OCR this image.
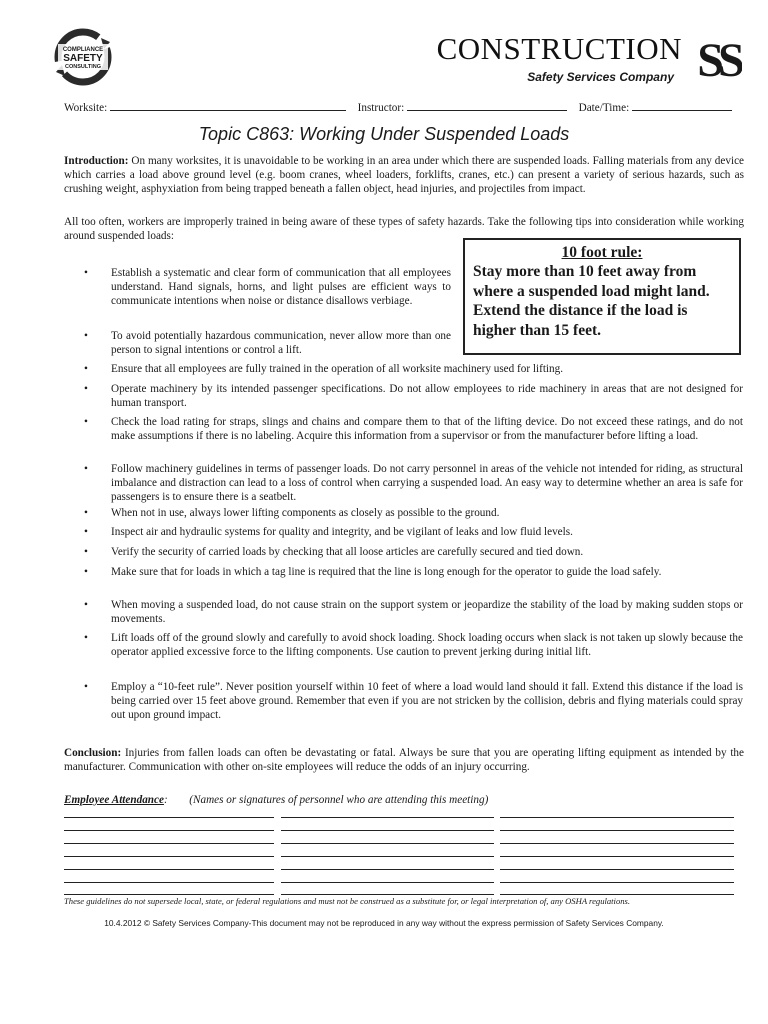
COMPLIANCE
SAFETY
CONSULTING
CONSTRUCTION
Safety Services Company SS
Worksite:	Instructor:	Date/Time:
Topic C863: Working Under Suspended Loads
Introduction: On many worksites, it is unavoidable to be working in an area under which there are suspended loads. Falling materials from any device which carries a load above ground level (e.g. boom cranes, wheel loaders, forklifts, cranes, etc.) can present a variety of serious hazards, such as crushing weight, asphyxiation from being trapped beneath a fallen object, head injuries, and projectiles from impact.
All too often, workers are improperly trained in being aware of these types of safety hazards. Take the following tips into consideration while working around suspended loads:
10 foot rule:
Stay more than 10 feet away from where a suspended load might land. Extend the distance if the load is higher than 15 feet.
• Establish a systematic and clear form of communication that all employees understand. Hand signals, horns, and light pulses are efficient ways to communicate intentions when noise or distance disallows verbiage.
• To avoid potentially hazardous communication, never allow more than one person to signal intentions or control a lift.
• Ensure that all employees are fully trained in the operation of all worksite machinery used for lifting.
• Operate machinery by its intended passenger specifications. Do not allow employees to ride machinery in areas that are not designed for human transport.
• Check the load rating for straps, slings and chains and compare them to that of the lifting device. Do not exceed these ratings, and do not make assumptions if there is no labeling. Acquire this information from a supervisor or from the manufacturer before lifting a load.
• Follow machinery guidelines in terms of passenger loads. Do not carry personnel in areas of the vehicle not intended for riding, as structural imbalance and distraction can lead to a loss of control when carrying a suspended load. An easy way to determine whether an area is safe for passengers is to ensure there is a seatbelt.
• When not in use, always lower lifting components as closely as possible to the ground.
• Inspect air and hydraulic systems for quality and integrity, and be vigilant of leaks and low fluid levels.
• Verify the security of carried loads by checking that all loose articles are carefully secured and tied down.
• Make sure that for loads in which a tag line is required that the line is long enough for the operator to guide the load safely.
• When moving a suspended load, do not cause strain on the support system or jeopardize the stability of the load by making sudden stops or movements.
• Lift loads off of the ground slowly and carefully to avoid shock loading. Shock loading occurs when slack is not taken up slowly because the operator applied excessive force to the lifting components. Use caution to prevent jerking during initial lift.
• Employ a “10-feet rule”. Never position yourself within 10 feet of where a load would land should it fall. Extend this distance if the load is being carried over 15 feet above ground. Remember that even if you are not stricken by the collision, debris and flying materials could spray out upon ground impact.
Conclusion: Injuries from fallen loads can often be devastating or fatal. Always be sure that you are operating lifting equipment as intended by the manufacturer. Communication with other on-site employees will reduce the odds of an injury occurring.
Employee Attendance: (Names or signatures of personnel who are attending this meeting)
These guidelines do not supersede local, state, or federal regulations and must not be construed as a substitute for, or legal interpretation of, any OSHA regulations.
10.4.2012 © Safety Services Company-This document may not be reproduced in any way without the express permission of Safety Services Company.
